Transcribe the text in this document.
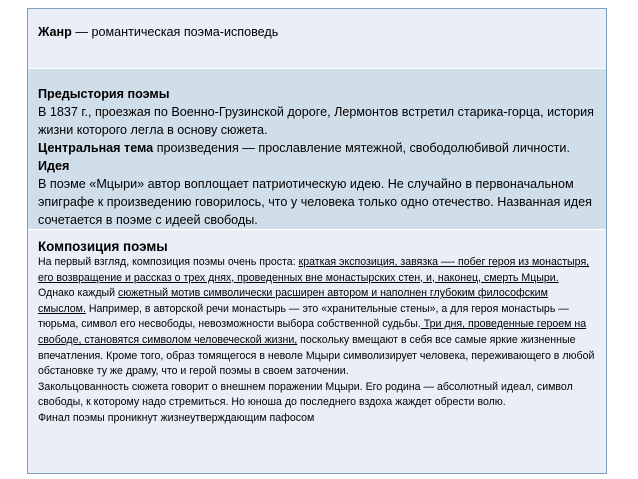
Жанр — романтическая поэма-исповедь

Предыстория поэмы

В 1837 г., проезжая по Военно-Грузинской дороге, Лермонтов встретил старика-горца, история жизни которого легла в основу сюжета.

Центральная тема произведения — прославление мятежной, свободолюбивой личности.

Идея

В поэме «Мцыри» автор воплощает патриотическую идею. Не случайно в первоначальном эпиграфе к произведению говорилось, что у человека только одно отечество. Названная идея сочетается в поэме с идеей свободы.

Композиция поэмы

На первый взгляд, композиция поэмы очень проста: краткая экспозиция, завязка —- побег героя из монастыря, его возвращение и рассказ о трех днях, проведенных вне монастырских стен, и, наконец, смерть Мцыри. Однако каждый сюжетный мотив символически расширен автором и наполнен глубоким философским смыслом. Например, в авторской речи монастырь — это «хранительные стены», а для героя монастырь — тюрьма, символ его несвободы, невозможности выбора собственной судьбы. Три дня, проведенные героем на свободе, становятся символом человеческой жизни, поскольку вмещают в себя все самые яркие жизненные впечатления. Кроме того, образ томящегося в неволе Мцыри символизирует человека, переживающего в любой обстановке ту же драму, что и герой поэмы в своем заточении.

Закольцованность сюжета говорит о внешнем поражении Мцыри. Его родина — абсолютный идеал, символ свободы, к которому надо стремиться. Но юноша до последнего вздоха жаждет обрести волю.

Финал поэмы проникнут жизнеутверждающим пафосом
